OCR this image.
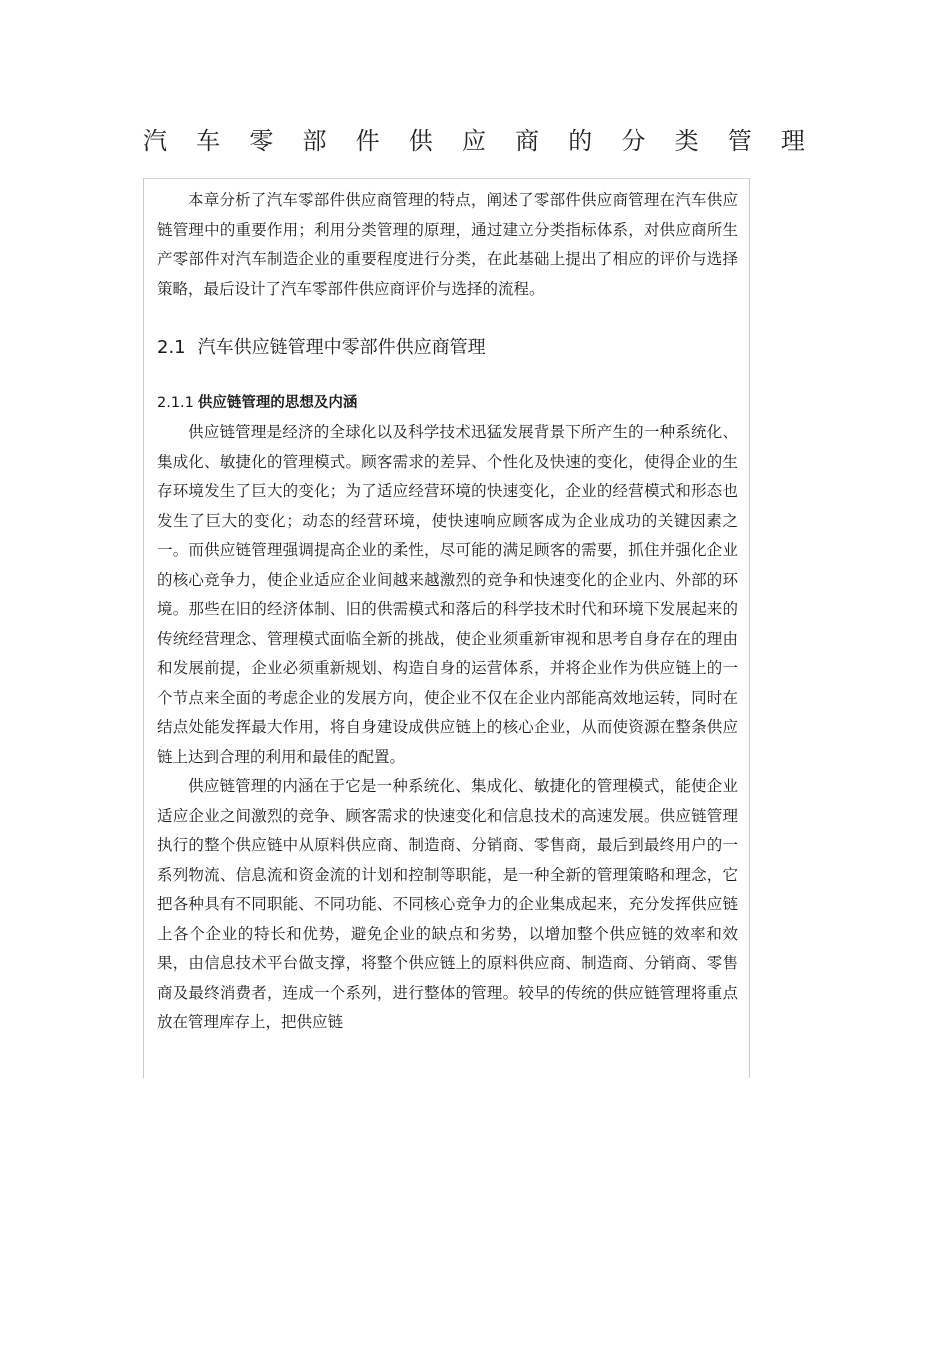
汽 车 零 部 件 供 应 商 的 分 类 管 理

本章分析了汽车零部件供应商管理的特点，阐述了零部件供应商管理在汽车供应链管理中的重要作用；利用分类管理的原理，通过建立分类指标体系，对供应商所生产零部件对汽车制造企业的重要程度进行分类，在此基础上提出了相应的评价与选择策略，最后设计了汽车零部件供应商评价与选择的流程。

2.1 汽车供应链管理中零部件供应商管理
2.1.1 供应链管理的思想及内涵

供应链管理是经济的全球化以及科学技术迅猛发展背景下所产生的一种系统化、集成化、敏捷化的管理模式。顾客需求的差异、个性化及快速的变化，使得企业的生存环境发生了巨大的变化；为了适应经营环境的快速变化，企业的经营模式和形态也发生了巨大的变化；动态的经营环境，使快速响应顾客成为企业成功的关键因素之一。而供应链管理强调提高企业的柔性，尽可能的满足顾客的需要，抓住并强化企业的核心竞争力，使企业适应企业间越来越激烈的竞争和快速变化的企业内、外部的环境。那些在旧的经济体制、旧的供需模式和落后的科学技术时代和环境下发展起来的传统经营理念、管理模式面临全新的挑战，使企业须重新审视和思考自身存在的理由和发展前提，企业必须重新规划、构造自身的运营体系，并将企业作为供应链上的一个节点来全面的考虑企业的发展方向，使企业不仅在企业内部能高效地运转，同时在结点处能发挥最大作用，将自身建设成供应链上的核心企业，从而使资源在整条供应链上达到合理的利用和最佳的配置。

供应链管理的内涵在于它是一种系统化、集成化、敏捷化的管理模式，能使企业适应企业之间激烈的竞争、顾客需求的快速变化和信息技术的高速发展。供应链管理执行的整个供应链中从原料供应商、制造商、分销商、零售商，最后到最终用户的一系列物流、信息流和资金流的计划和控制等职能，是一种全新的管理策略和理念，它把各种具有不同职能、不同功能、不同核心竞争力的企业集成起来，充分发挥供应链上各个企业的特长和优势，避免企业的缺点和劣势，以增加整个供应链的效率和效果，由信息技术平台做支撑，将整个供应链上的原料供应商、制造商、分销商、零售商及最终消费者，连成一个系列，进行整体的管理。较早的传统的供应链管理将重点放在管理库存上，把供应链
